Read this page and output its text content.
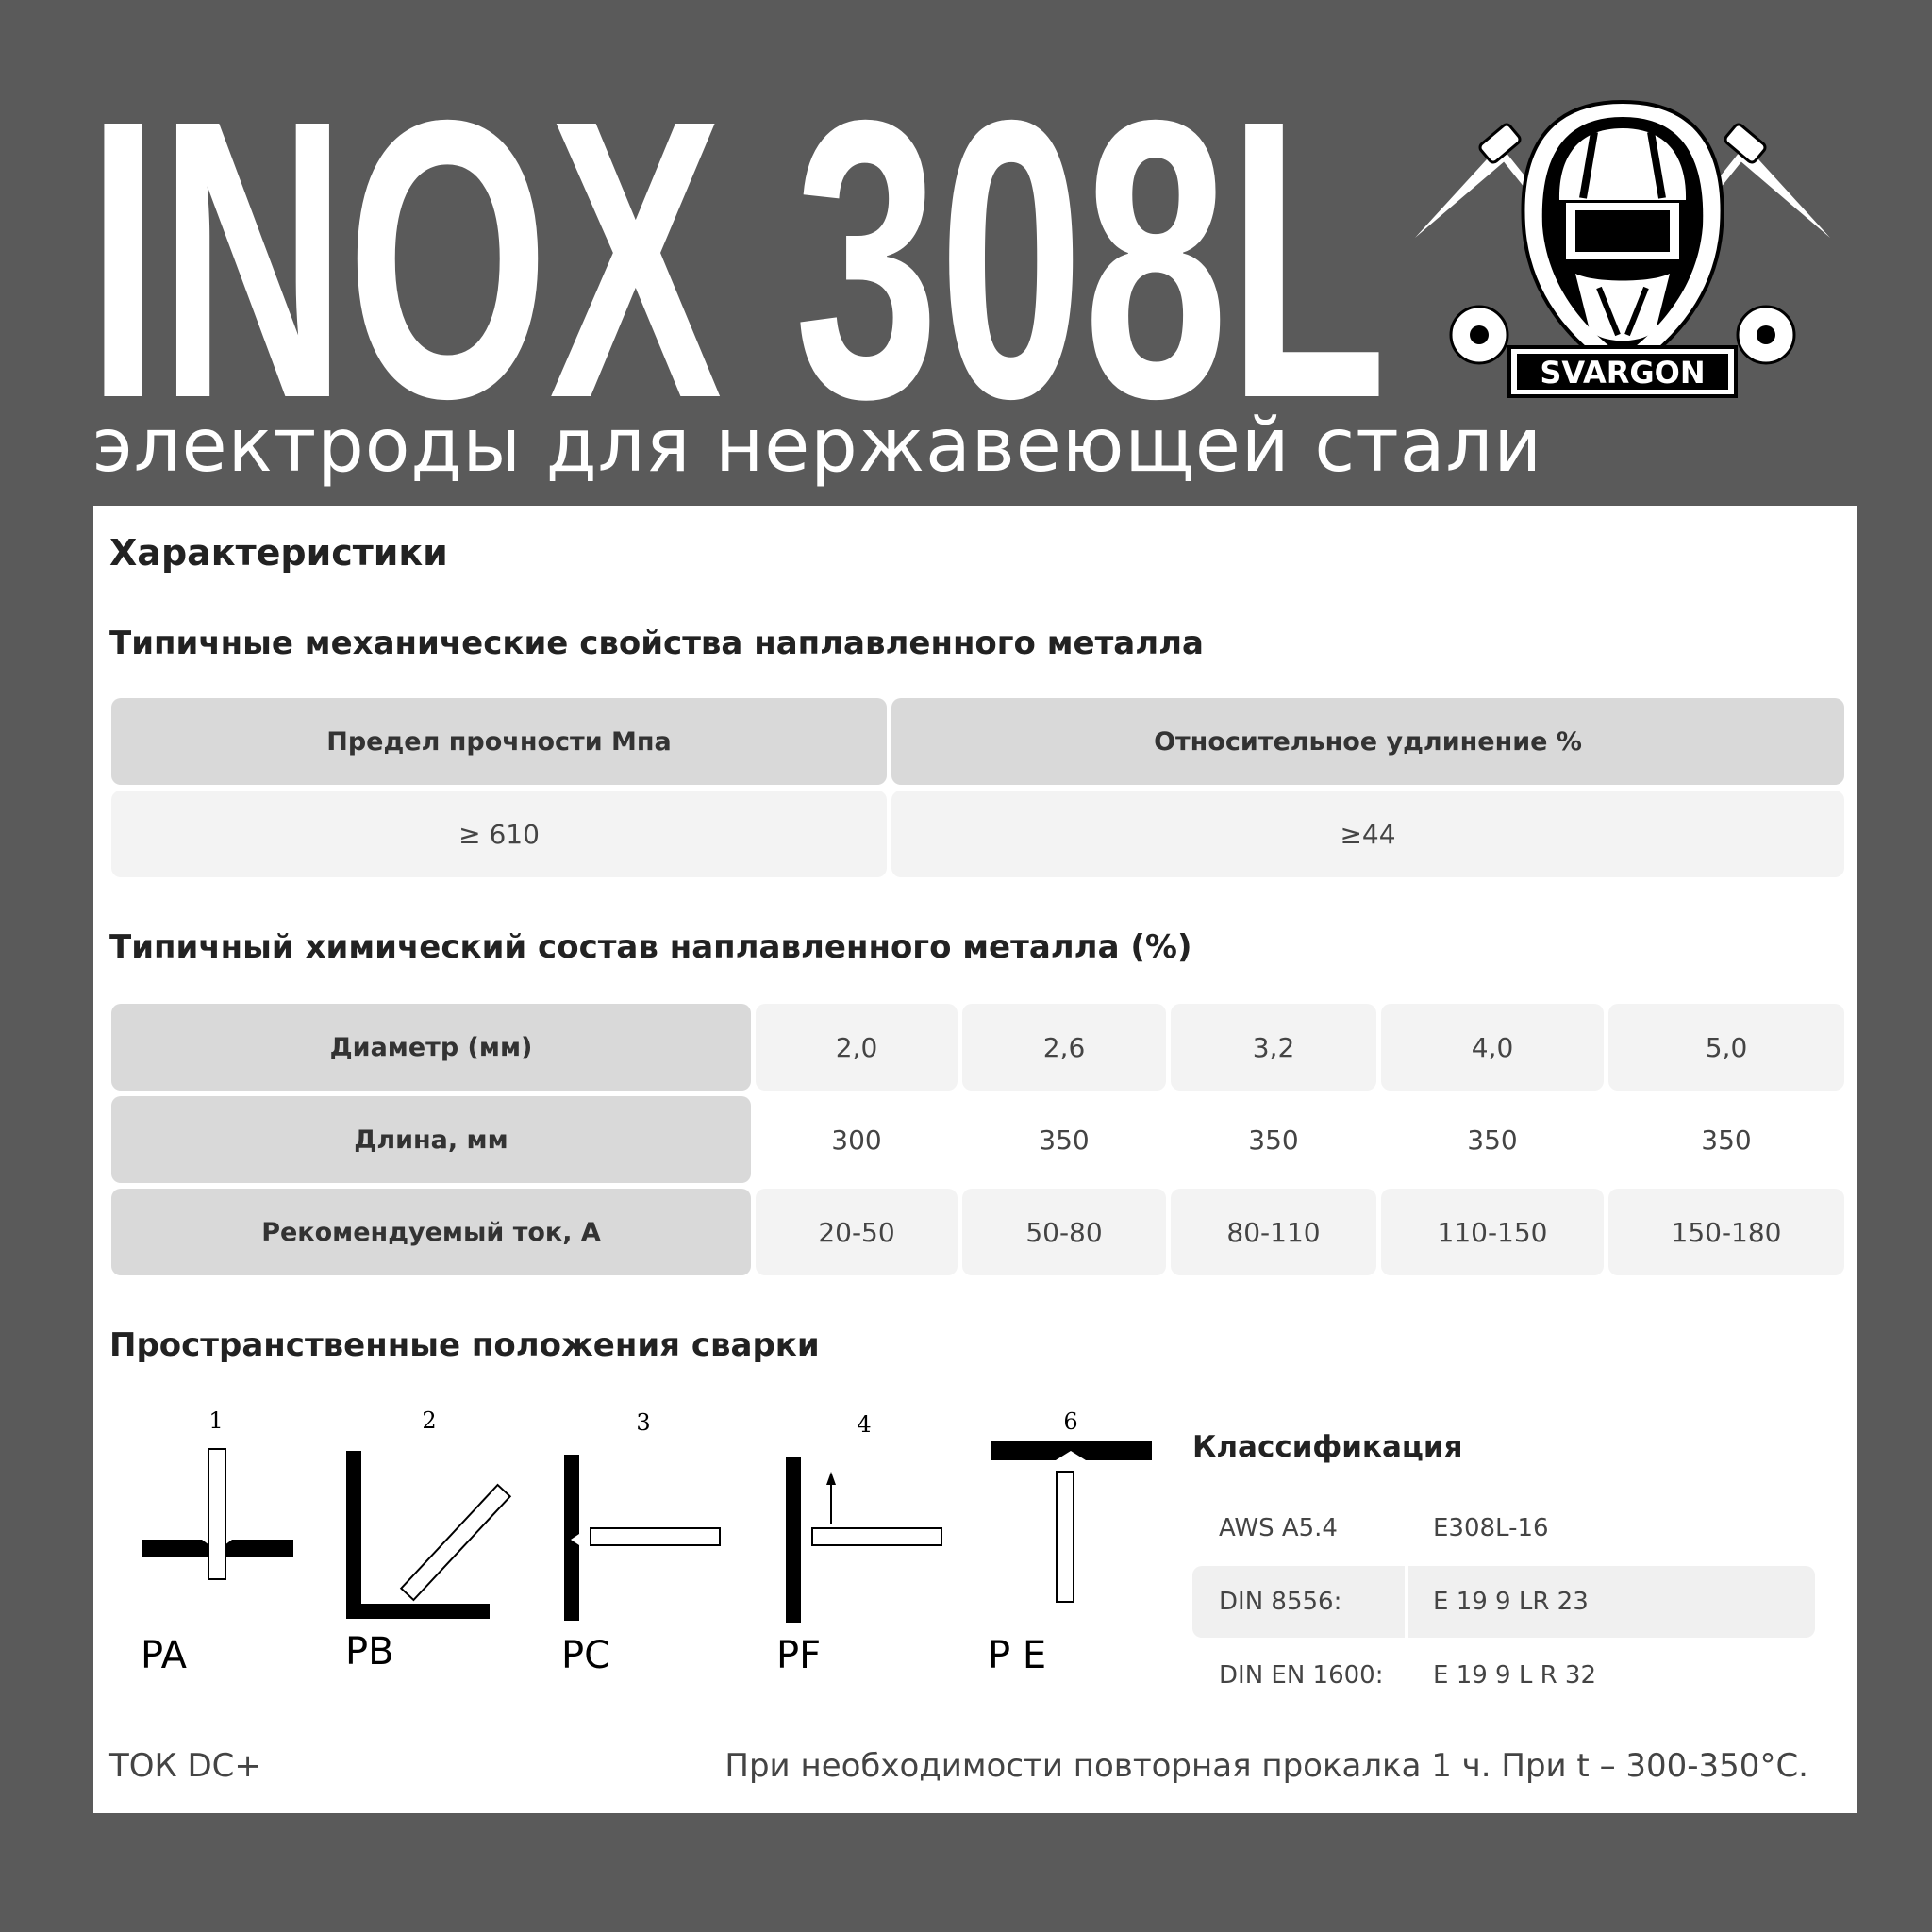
INOX 308L	SVARGON
электроды для нержавеющей стали
Характеристики
Типичные механические свойства наплавленного металла
Предел прочности Мпа	Относительное удлинение %
≥ 610	≥44
Типичный химический состав наплавленного металла (%)
Диаметр (мм)	2,0	2,6	3,2	4,0	5,0
Длина, мм	300	350	350	350	350
Рекомендуемый ток, А	20-50	50-80	80-110	110-150	150-180
Пространственные положения сварки
1	2	3	4	6
PA	PB	PC	PF	P E
Классификация
AWS A5.4	E308L-16
DIN 8556:	E 19 9 LR 23
DIN EN 1600: E 19 9 L R 32
ТОК DC+	При необходимости повторная прокалка 1 ч. При t – 300-350°С.
